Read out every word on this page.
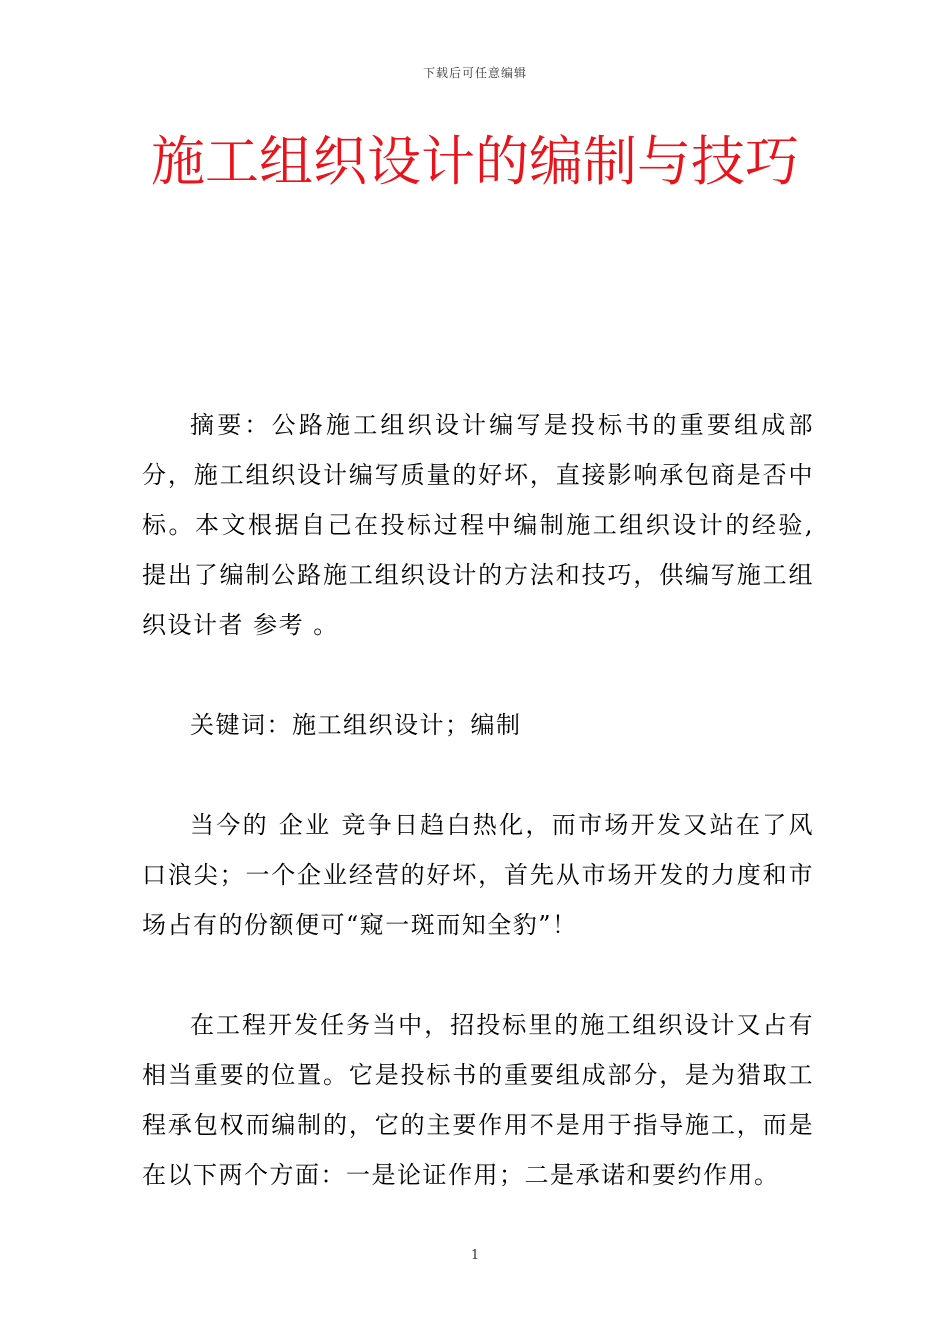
下载后可任意编辑
施工组织设计的编制与技巧

摘要：公路施工组织设计编写是投标书的重要组成部分，施工组织设计编写质量的好坏，直接影响承包商是否中标。本文根据自己在投标过程中编制施工组织设计的经验,提出了编制公路施工组织设计的方法和技巧，供编写施工组织设计者 参考 。

关键词：施工组织设计；编制

当今的 企业 竞争日趋白热化，而市场开发又站在了风口浪尖；一个企业经营的好坏，首先从市场开发的力度和市场占有的份额便可“窥一斑而知全豹”！

在工程开发任务当中，招投标里的施工组织设计又占有相当重要的位置。它是投标书的重要组成部分，是为猎取工程承包权而编制的，它的主要作用不是用于指导施工，而是在以下两个方面：一是论证作用；二是承诺和要约作用。

1
